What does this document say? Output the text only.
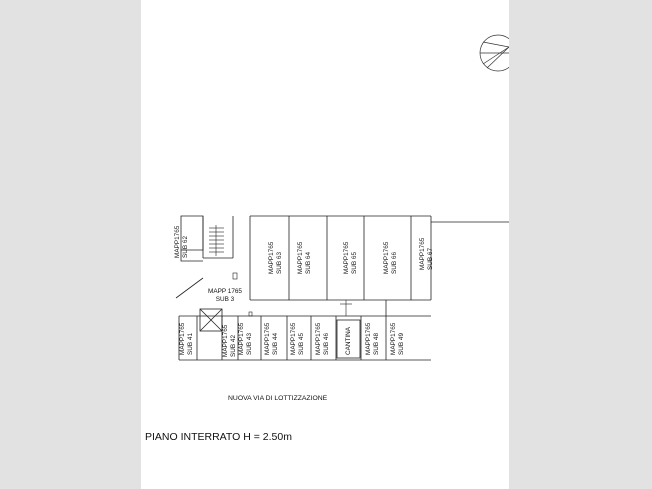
MAPP1765SUB 62	MAPP1765SUB 63 MAPP1765SUB 64	MAPP1765SUB 65	MAPP1765SUB 66	MAPP1765SUB 67
MAPP 1765 SUB 3
MAPP1765SUB 41	MAPP1765SUB 42 MAPP1765SUB 43 MAPP1765SUB 44 MAPP1765SUB 45 MAPP1765SUB 46 CANTINA MAPP1765SUB 48 MAPP1765SUB 49
NUOVA VIA DI LOTTIZZAZIONE
PIANO INTERRATO H = 2.50m
